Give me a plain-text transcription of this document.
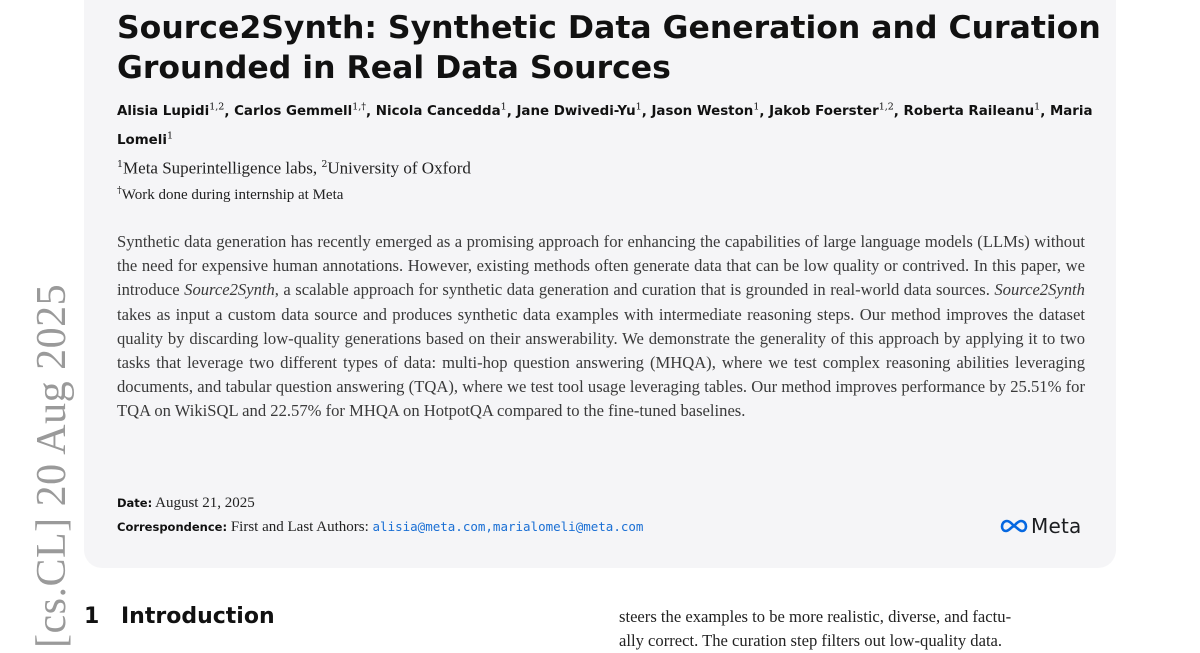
[cs.CL] 20 Aug 2025
Source2Synth: Synthetic Data Generation and Curation
Grounded in Real Data Sources
Alisia Lupidi$^{1,2}$, Carlos Gemmell$^{1,\dagger}$, Nicola Cancedda$^1$, Jane Dwivedi-Yu$^1$, Jason Weston$^1$, Jakob Foerster$^{1,2}$, Roberta Raileanu$^1$, Maria Lomeli$^1$
$^1$Meta Superintelligence labs, $^2$University of Oxford
†Work done during internship at Meta

Synthetic data generation has recently emerged as a promising approach for enhancing the capabilities of large language models (LLMs) without the need for expensive human annotations. However, existing methods often generate data that can be low quality or contrived. In this paper, we introduce Source2Synth, a scalable approach for synthetic data generation and curation that is grounded in real-world data sources. Source2Synth takes as input a custom data source and produces synthetic data examples with intermediate reasoning steps. Our method improves the dataset quality by discarding low-quality generations based on their answerability. We demonstrate the generality of this approach by applying it to two tasks that leverage two different types of data: multi-hop question answering (MHQA), where we test complex reasoning abilities leveraging documents, and tabular question answering (TQA), where we test tool usage leveraging tables. Our method improves performance by 25.51% for TQA on WikiSQL and 22.57% for MHQA on HotpotQA compared to the fine-tuned baselines.

Date: August 21, 2025
Correspondence: First and Last Authors: alisia@meta.com,marialomeli@meta.com	Meta
1 Introduction	steers the examples to be more realistic, diverse, and factu-
ally correct. The curation step filters out low-quality data.
